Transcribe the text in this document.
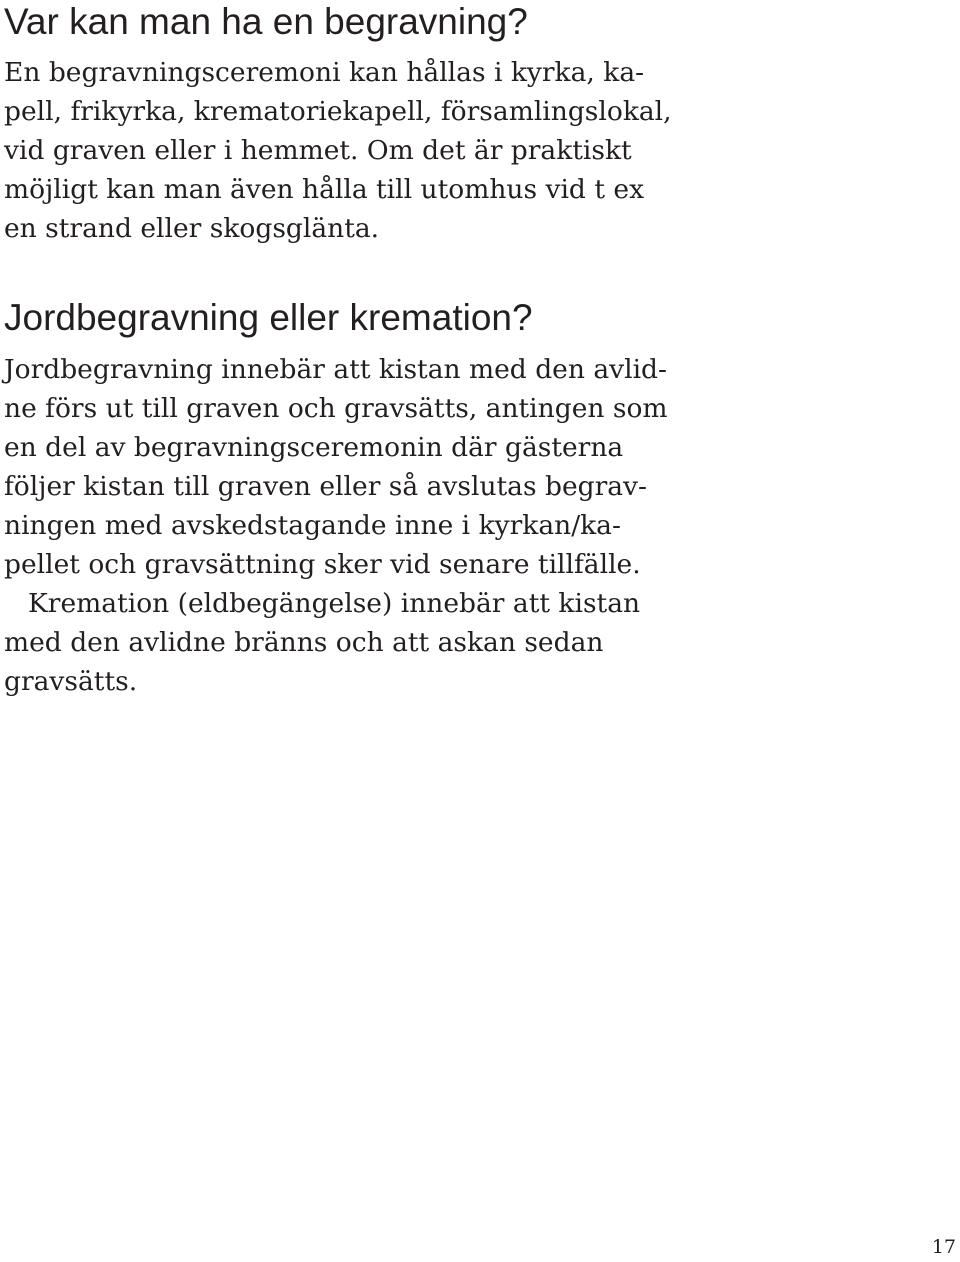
Var kan man ha en begravning?
En begravningsceremoni kan hållas i kyrka, ka-
pell, frikyrka, krematoriekapell, församlingslokal,
vid graven eller i hemmet. Om det är praktiskt
möjligt kan man även hålla till utomhus vid t ex
en strand eller skogsglänta.
Jordbegravning eller kremation?
Jordbegravning innebär att kistan med den avlid-
ne förs ut till graven och gravsätts, antingen som
en del av begravningsceremonin där gästerna
följer kistan till graven eller så avslutas begrav-
ningen med avskedstagande inne i kyrkan/ka-
pellet och gravsättning sker vid senare tillfälle.
Kremation (eldbegängelse) innebär att kistan
med den avlidne bränns och att askan sedan
gravsätts.
17
